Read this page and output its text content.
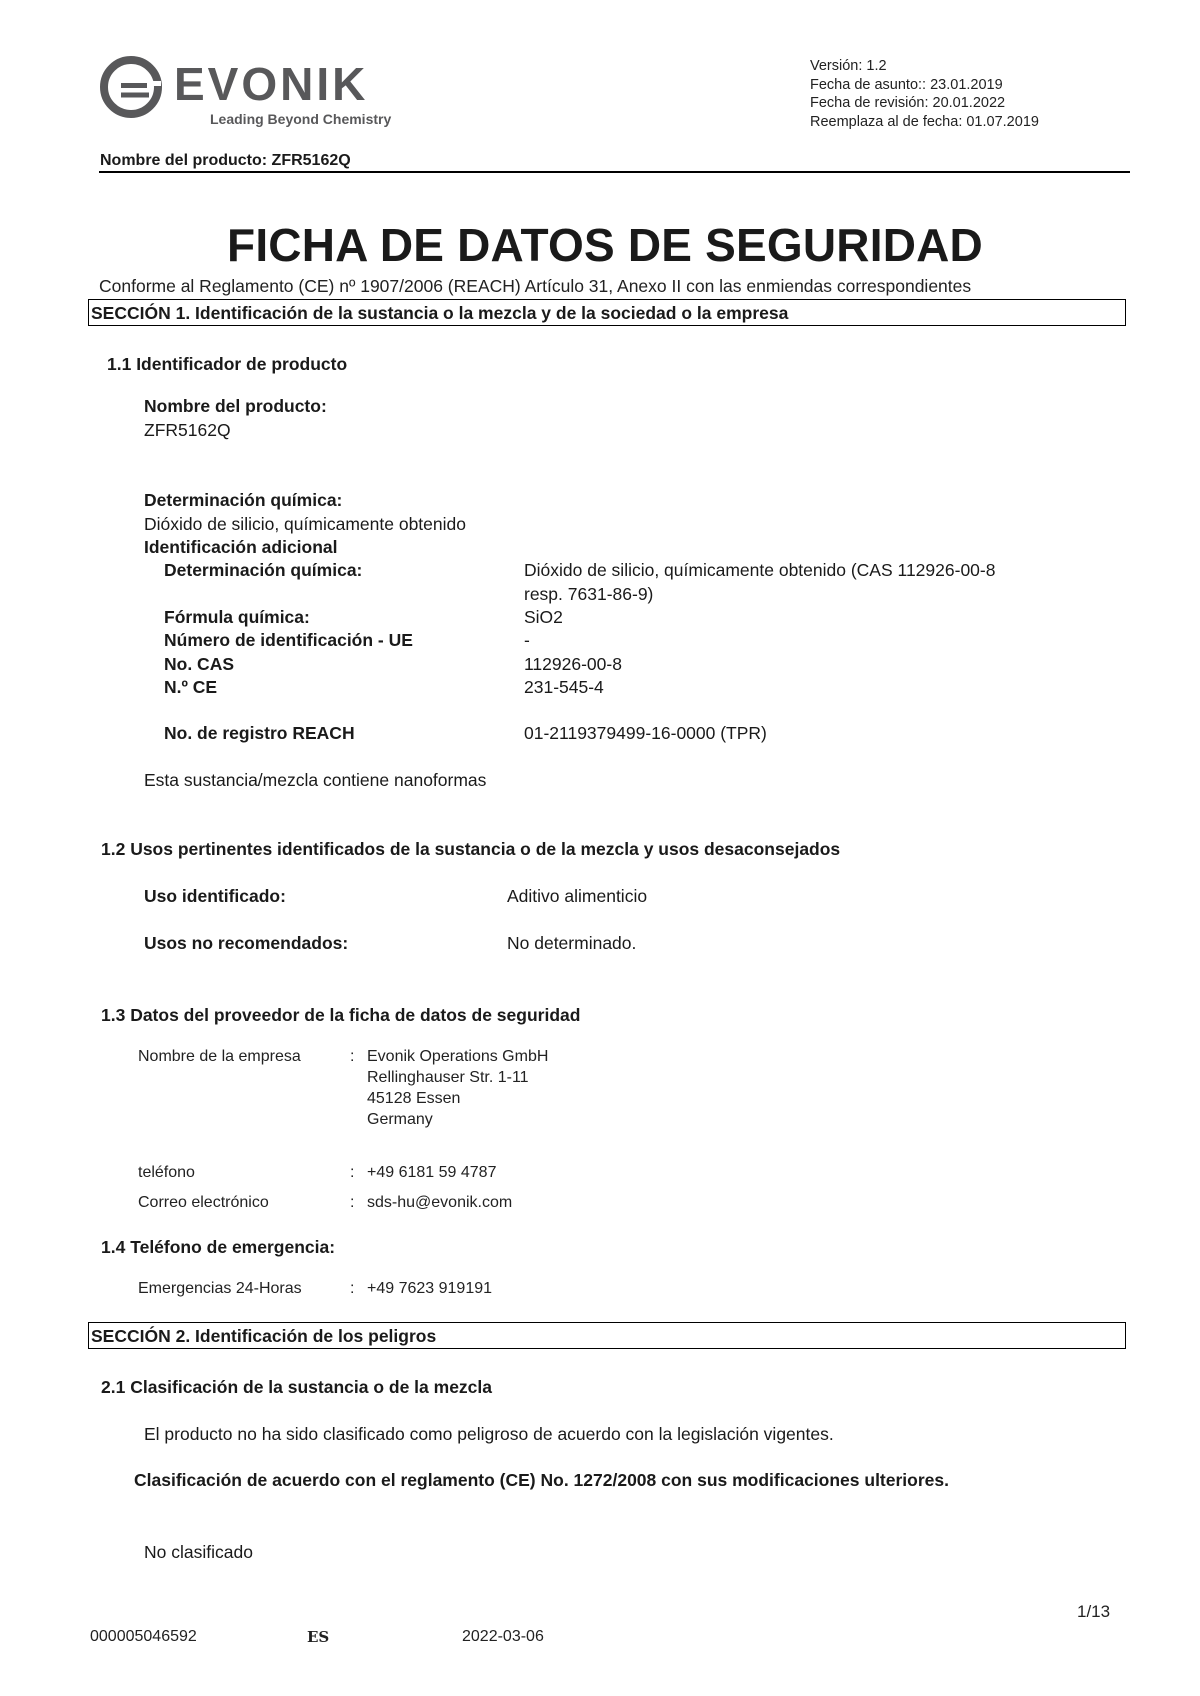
EVONIK
Leading Beyond Chemistry
Versión: 1.2
Fecha de asunto:: 23.01.2019
Fecha de revisión: 20.01.2022
Reemplaza al de fecha: 01.07.2019
Nombre del producto: ZFR5162Q
FICHA DE DATOS DE SEGURIDAD
Conforme al Reglamento (CE) nº 1907/2006 (REACH) Artículo 31, Anexo II con las enmiendas correspondientes
SECCIÓN 1. Identificación de la sustancia o la mezcla y de la sociedad o la empresa
1.1 Identificador de producto
Nombre del producto:
ZFR5162Q
Determinación química:
Dióxido de silicio, químicamente obtenido
Identificación adicional
Determinación química:	Dióxido de silicio, químicamente obtenido (CAS 112926-00-8
resp. 7631-86-9)
Fórmula química:	SiO2
Número de identificación - UE	-
No. CAS	112926-00-8
N.º CE	231-545-4
No. de registro REACH	01-2119379499-16-0000 (TPR)
Esta sustancia/mezcla contiene nanoformas
1.2 Usos pertinentes identificados de la sustancia o de la mezcla y usos desaconsejados
Uso identificado:	Aditivo alimenticio
Usos no recomendados:	No determinado.
1.3 Datos del proveedor de la ficha de datos de seguridad
Nombre de la empresa	: Evonik Operations GmbH
Rellinghauser Str. 1-11
45128 Essen
Germany
teléfono	: +49 6181 59 4787
Correo electrónico	: sds-hu@evonik.com
1.4 Teléfono de emergencia:
Emergencias 24-Horas	: +49 7623 919191
SECCIÓN 2. Identificación de los peligros
2.1 Clasificación de la sustancia o de la mezcla
El producto no ha sido clasificado como peligroso de acuerdo con la legislación vigentes.
Clasificación de acuerdo con el reglamento (CE) No. 1272/2008 con sus modificaciones ulteriores.
No clasificado
1/13
000005046592	ES	2022-03-06
